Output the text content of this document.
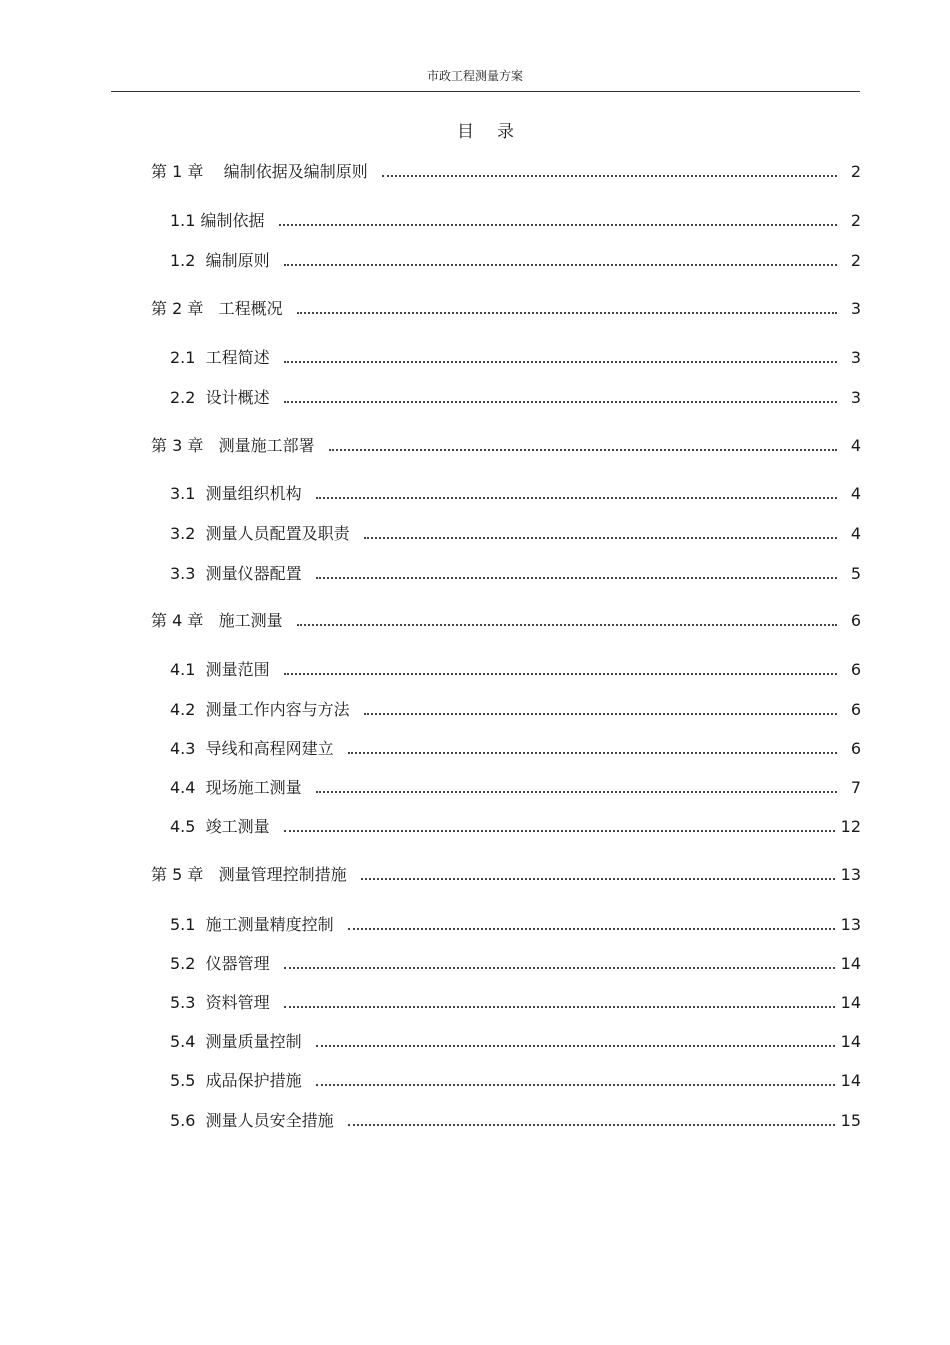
市政工程测量方案
目 录
第 1 章    编制依据及编制原则	2
1.1 编制依据	2
1.2  编制原则	2
第 2 章   工程概况	3
2.1  工程简述	3
2.2  设计概述	3
第 3 章   测量施工部署	4
3.1  测量组织机构	4
3.2  测量人员配置及职责	4
3.3  测量仪器配置	5
第 4 章   施工测量	6
4.1  测量范围	6
4.2  测量工作内容与方法	6
4.3  导线和高程网建立	6
4.4  现场施工测量	7
4.5  竣工测量	12
第 5 章   测量管理控制措施	13
5.1  施工测量精度控制	13
5.2  仪器管理	14
5.3  资料管理	14
5.4  测量质量控制	14
5.5  成品保护措施	14
5.6  测量人员安全措施	15
